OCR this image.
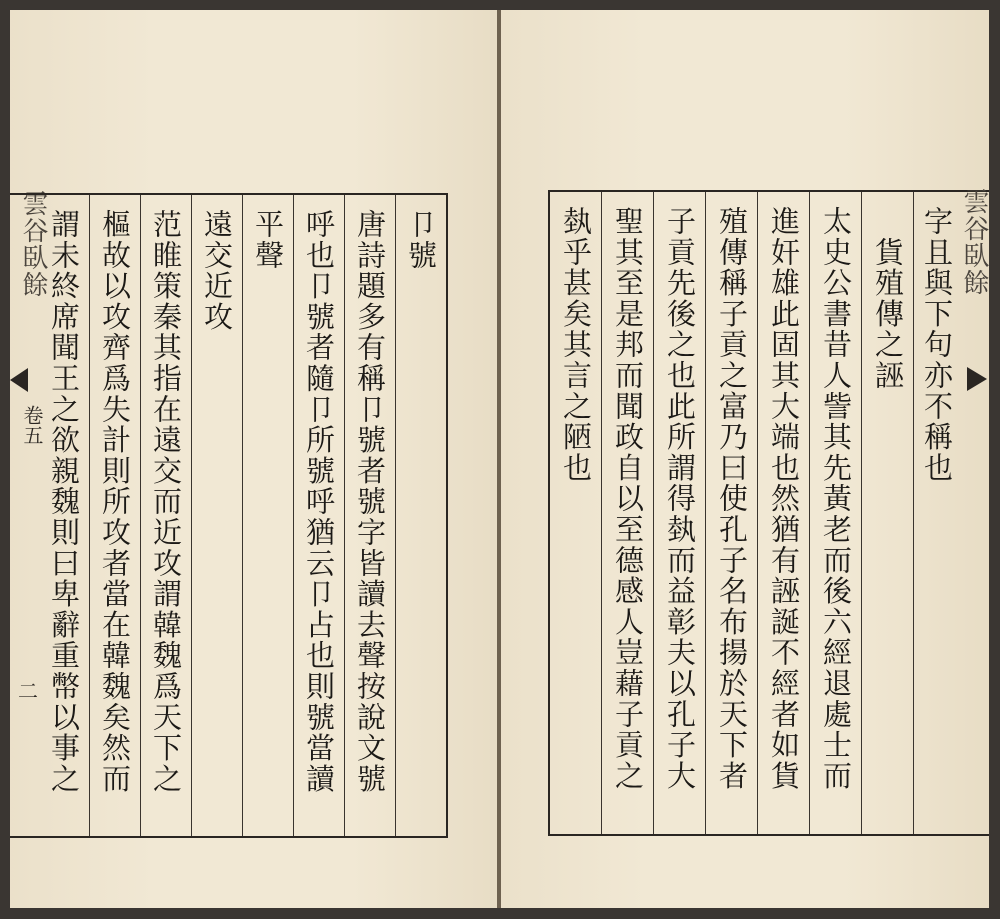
雲谷臥餘
卷五
二
卩號
唐詩題多有稱卩號者號字皆讀去聲按說文號
呼也卩號者隨卩所號呼猶云卩占也則號當讀
平聲
遠交近攻
范睢策秦其指在遠交而近攻謂韓魏爲天下之
樞故以攻齊爲失計則所攻者當在韓魏矣然而
謂未終席聞王之欲親魏則曰卑辭重幣以事之	字且與下句亦不稱也
　貨殖傳之誣
太史公書昔人訾其先黃老而後六經退處士而
進奸雄此固其大端也然猶有誣誕不經者如貨
殖傳稱子貢之富乃曰使孔子名布揚於天下者
子貢先後之也此所謂得埶而益彰夫以孔子大
聖其至是邦而聞政自以至德感人豈藉子貢之
埶乎甚矣其言之陋也	雲谷臥餘
